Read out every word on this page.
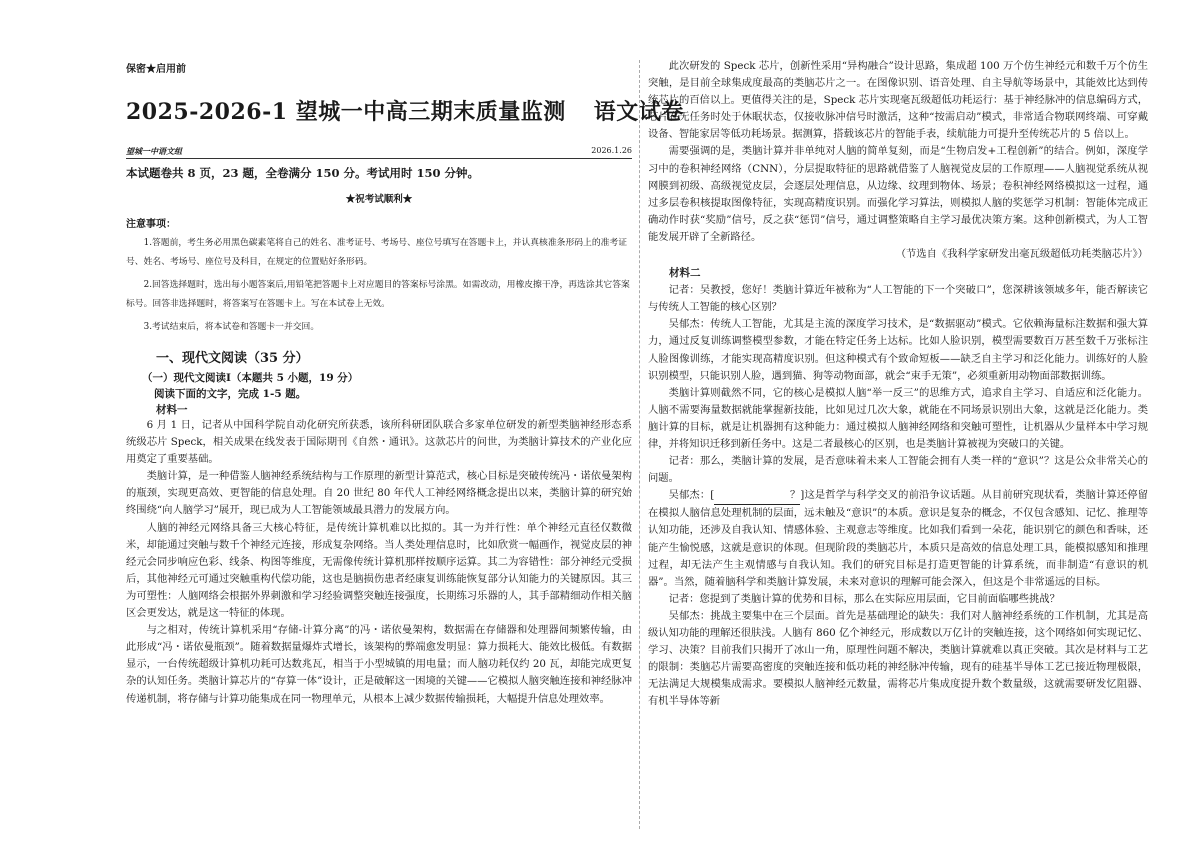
保密★启用前
2025-2026-1 望城一中高三期末质量监测 语文试卷
望城一中语文组	2026.1.26
本试题卷共 8 页，23 题，全卷满分 150 分。考试用时 150 分钟。
★祝考试顺利★
注意事项：

1.答题前，考生务必用黑色碳素笔将自己的姓名、准考证号、考场号、座位号填写在答题卡上，并认真核准条形码上的准考证号、姓名、考场号、座位号及科目，在规定的位置贴好条形码。

2.回答选择题时，选出每小题答案后,用铅笔把答题卡上对应题目的答案标号涂黑。如需改动，用橡皮擦干净，再选涂其它答案标号。回答非选择题时，将答案写在答题卡上。写在本试卷上无效。

3.考试结束后，将本试卷和答题卡一并交回。

一、现代文阅读（35 分）
（一）现代文阅读Ⅰ（本题共 5 小题，19 分）
阅读下面的文字，完成 1-5 题。
材料一

6 月 1 日，记者从中国科学院自动化研究所获悉，该所科研团队联合多家单位研发的新型类脑神经形态系统级芯片 Speck，相关成果在线发表于国际期刊《自然・通讯》。这款芯片的问世，为类脑计算技术的产业化应用奠定了重要基础。

类脑计算，是一种借鉴人脑神经系统结构与工作原理的新型计算范式，核心目标是突破传统冯・诺依曼架构的瓶颈，实现更高效、更智能的信息处理。自 20 世纪 80 年代人工神经网络概念提出以来，类脑计算的研究始终围绕“向人脑学习”展开，现已成为人工智能领域最具潜力的发展方向。

人脑的神经元网络具备三大核心特征，是传统计算机难以比拟的。其一为并行性：单个神经元直径仅数微米，却能通过突触与数千个神经元连接，形成复杂网络。当人类处理信息时，比如欣赏一幅画作，视觉皮层的神经元会同步响应色彩、线条、构图等维度，无需像传统计算机那样按顺序运算。其二为容错性：部分神经元受损后，其他神经元可通过突触重构代偿功能，这也是脑损伤患者经康复训练能恢复部分认知能力的关键原因。其三为可塑性：人脑网络会根据外界刺激和学习经验调整突触连接强度，长期练习乐器的人，其手部精细动作相关脑区会更发达，就是这一特征的体现。

与之相对，传统计算机采用“存储-计算分离”的冯・诺依曼架构，数据需在存储器和处理器间频繁传输，由此形成“冯・诺依曼瓶颈”。随着数据量爆炸式增长，该架构的弊端愈发明显：算力损耗大、能效比极低。有数据显示，一台传统超级计算机功耗可达数兆瓦，相当于小型城镇的用电量；而人脑功耗仅约 20 瓦，却能完成更复杂的认知任务。类脑计算芯片的“存算一体”设计，正是破解这一困境的关键——它模拟人脑突触连接和神经脉冲传递机制，将存储与计算功能集成在同一物理单元，从根本上减少数据传输损耗，大幅提升信息处理效率。

此次研发的 Speck 芯片，创新性采用“异构融合”设计思路，集成超 100 万个仿生神经元和数千万个仿生突触，是目前全球集成度最高的类脑芯片之一。在图像识别、语音处理、自主导航等场景中，其能效比达到传统芯片的百倍以上。更值得关注的是，Speck 芯片实现毫瓦级超低功耗运行：基于神经脉冲的信息编码方式，芯片在无任务时处于休眠状态，仅接收脉冲信号时激活，这种“按需启动”模式，非常适合物联网终端、可穿戴设备、智能家居等低功耗场景。据测算，搭载该芯片的智能手表，续航能力可提升至传统芯片的 5 倍以上。

需要强调的是，类脑计算并非单纯对人脑的简单复刻，而是“生物启发+工程创新”的结合。例如，深度学习中的卷积神经网络（CNN），分层提取特征的思路就借鉴了人脑视觉皮层的工作原理——人脑视觉系统从视网膜到初级、高级视觉皮层，会逐层处理信息，从边缘、纹理到物体、场景；卷积神经网络模拟这一过程，通过多层卷积核提取图像特征，实现高精度识别。而强化学习算法，则模拟人脑的奖惩学习机制：智能体完成正确动作时获“奖励”信号，反之获“惩罚”信号，通过调整策略自主学习最优决策方案。这种创新模式，为人工智能发展开辟了全新路径。

（节选自《我科学家研发出毫瓦级超低功耗类脑芯片》）

材料二

记者：吴教授，您好！类脑计算近年被称为“人工智能的下一个突破口”，您深耕该领域多年，能否解读它与传统人工智能的核心区别？

吴郁杰：传统人工智能，尤其是主流的深度学习技术，是“数据驱动”模式。它依赖海量标注数据和强大算力，通过反复训练调整模型参数，才能在特定任务上达标。比如人脸识别，模型需要数百万甚至数千万张标注人脸图像训练，才能实现高精度识别。但这种模式有个致命短板——缺乏自主学习和泛化能力。训练好的人脸识别模型，只能识别人脸，遇到猫、狗等动物面部，就会“束手无策”，必须重新用动物面部数据训练。

类脑计算则截然不同，它的核心是模拟人脑“举一反三”的思维方式，追求自主学习、自适应和泛化能力。人脑不需要海量数据就能掌握新技能，比如见过几次大象，就能在不同场景识别出大象，这就是泛化能力。类脑计算的目标，就是让机器拥有这种能力：通过模拟人脑神经网络和突触可塑性，让机器从少量样本中学习规律，并将知识迁移到新任务中。这是二者最核心的区别，也是类脑计算被视为突破口的关键。

记者：那么，类脑计算的发展，是否意味着未来人工智能会拥有人类一样的“意识”？这是公众非常关心的问题。

吴郁杰：[	？]这是哲学与科学交叉的前沿争议话题。从目前研究现状看，类脑计算还停留在模拟人脑信息处理机制的层面，远未触及“意识”的本质。意识是复杂的概念，不仅包含感知、记忆、推理等认知功能，还涉及自我认知、情感体验、主观意志等维度。比如我们看到一朵花，能识别它的颜色和香味，还能产生愉悦感，这就是意识的体现。但现阶段的类脑芯片，本质只是高效的信息处理工具，能模拟感知和推理过程，却无法产生主观情感与自我认知。我们的研究目标是打造更智能的计算系统，而非制造“有意识的机器”。当然，随着脑科学和类脑计算发展，未来对意识的理解可能会深入，但这是个非常遥远的目标。

记者：您提到了类脑计算的优势和目标，那么在实际应用层面，它目前面临哪些挑战？

吴郁杰：挑战主要集中在三个层面。首先是基础理论的缺失：我们对人脑神经系统的工作机制，尤其是高级认知功能的理解还很肤浅。人脑有 860 亿个神经元，形成数以万亿计的突触连接，这个网络如何实现记忆、学习、决策？目前我们只揭开了冰山一角，原理性问题不解决，类脑计算就难以真正突破。其次是材料与工艺的限制：类脑芯片需要高密度的突触连接和低功耗的神经脉冲传输，现有的硅基半导体工艺已接近物理极限，无法满足大规模集成需求。要模拟人脑神经元数量，需将芯片集成度提升数个数量级，这就需要研发忆阻器、有机半导体等新
